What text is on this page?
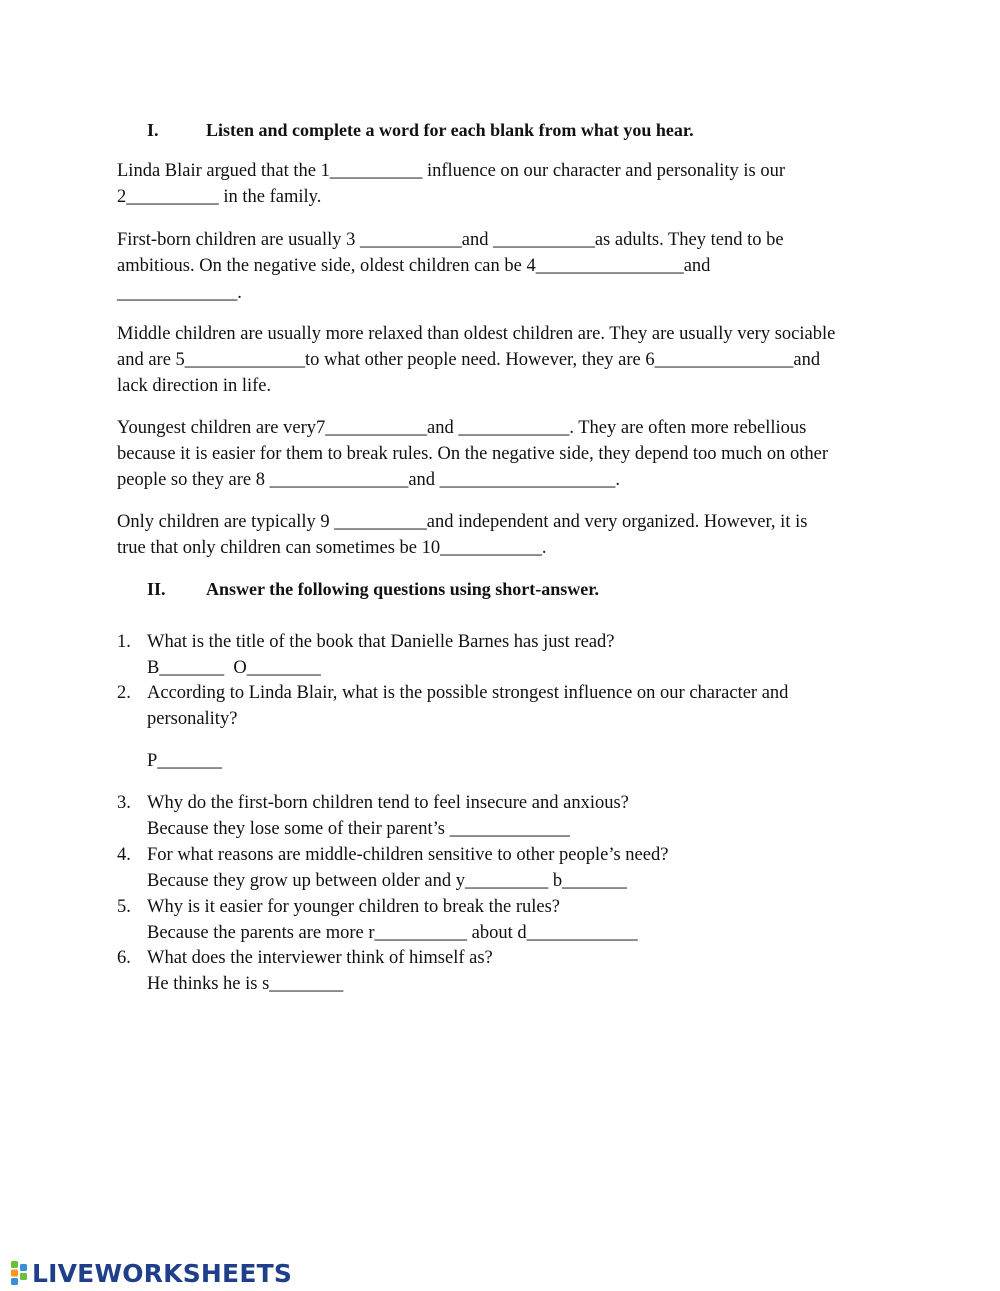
I.	Listen and complete a word for each blank from what you hear.
Linda Blair argued that the 1__________ influence on our character and personality is our
2__________ in the family.
First-born children are usually 3 ___________and ___________as adults. They tend to be
ambitious. On the negative side, oldest children can be 4________________and
_____________.
Middle children are usually more relaxed than oldest children are. They are usually very sociable
and are 5_____________to what other people need. However, they are 6_______________and
lack direction in life.
Youngest children are very7___________and ____________. They are often more rebellious
because it is easier for them to break rules. On the negative side, they depend too much on other
people so they are 8 _______________and ___________________.
Only children are typically 9 __________and independent and very organized. However, it is
true that only children can sometimes be 10___________.
II. Answer the following questions using short-answer.
1. What is the title of the book that Danielle Barnes has just read?
B_______  O________
2. According to Linda Blair, what is the possible strongest influence on our character and
personality?
P_______
3. Why do the first-born children tend to feel insecure and anxious?
Because they lose some of their parent’s _____________
4. For what reasons are middle-children sensitive to other people’s need?
Because they grow up between older and y_________ b_______
5. Why is it easier for younger children to break the rules?
Because the parents are more r__________ about d____________
6. What does the interviewer think of himself as?
He thinks he is s________
LIVEWORKSHEETS
